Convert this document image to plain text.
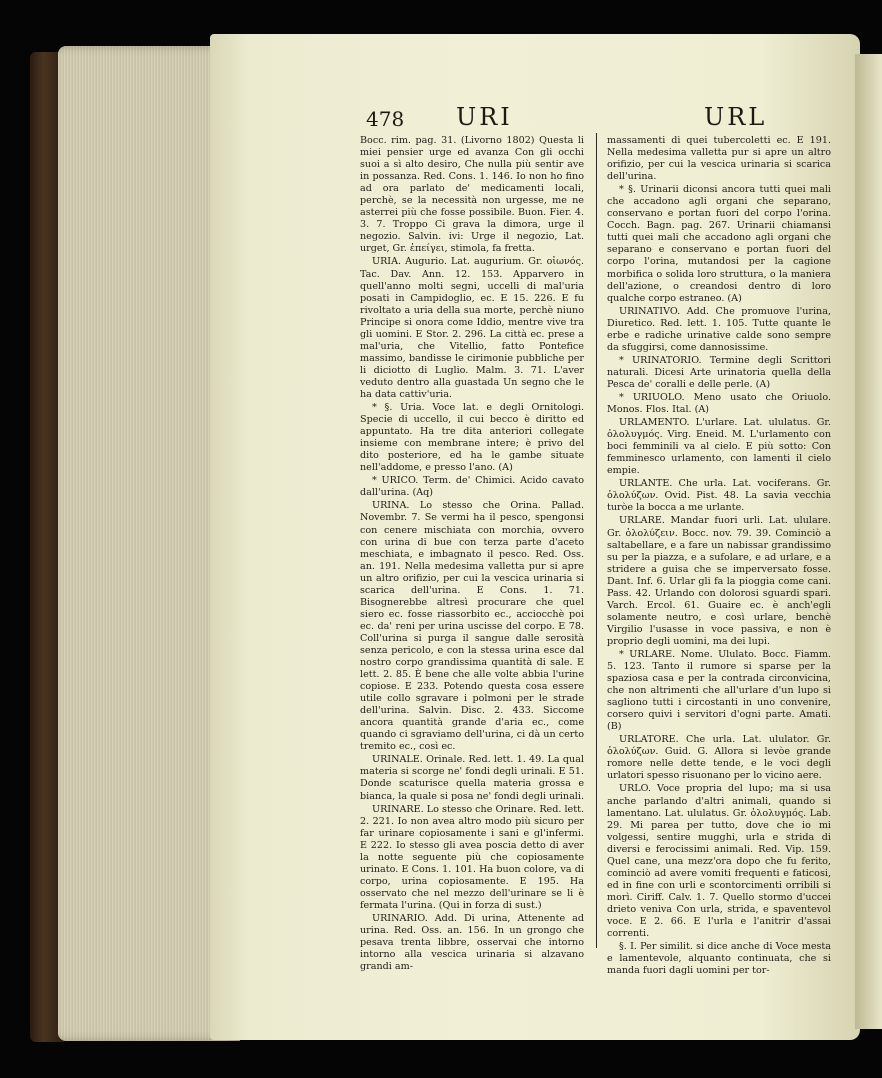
478 URI	URL

Bocc. rim. pag. 31. (Livorno 1802) Questa li miei pensier urge ed avanza Con gli occhi suoi a sì alto desiro, Che nulla più sentir ave in possanza. Red. Cons. 1. 146. Io non ho fino ad ora parlato de' medicamenti locali, perchè, se la necessità non urgesse, me ne asterrei più che fosse possibile. Buon. Fier. 4. 3. 7. Troppo Ci grava la dimora, urge il negozio. Salvin. ivi: Urge il negozio, Lat. urget, Gr. ἐπείγει, stimola, fa fretta.

URIA. Augurio. Lat. augurium. Gr. οἰωνός. Tac. Dav. Ann. 12. 153. Apparvero in quell'anno molti segni, uccelli di mal'uria posati in Campidoglio, ec. E 15. 226. E fu rivoltato a uria della sua morte, perchè niuno Principe si onora come Iddio, mentre vive tra gli uomini. E Stor. 2. 296. La città ec. prese a mal'uria, che Vitellio, fatto Pontefice massimo, bandisse le cirimonie pubbliche per li diciotto di Luglio. Malm. 3. 71. L'aver veduto dentro alla guastada Un segno che le ha data cattiv'uria.

* §. Uria. Voce lat. e degli Ornitologi. Specie di uccello, il cui becco è diritto ed appuntato. Ha tre dita anteriori collegate insieme con membrane intere; è privo del dito posteriore, ed ha le gambe situate nell'addome, e presso l'ano. (A)

* URICO. Term. de' Chimici. Acido cavato dall'urina. (Aq)

URINA. Lo stesso che Orina. Pallad. Novembr. 7. Se vermi ha il pesco, spengonsi con cenere mischiata con morchia, ovvero con urina di bue con terza parte d'aceto meschiata, e imbagnato il pesco. Red. Oss. an. 191. Nella medesima valletta pur si apre un altro orifizio, per cui la vescica urinaria si scarica dell'urina. E Cons. 1. 71. Bisognerebbe altresì procurare che quel siero ec. fosse riassorbito ec., acciocchè poi ec. da' reni per urina uscisse del corpo. E 78. Coll'urina si purga il sangue dalle serosità senza pericolo, e con la stessa urina esce dal nostro corpo grandissima quantità di sale. E lett. 2. 85. È bene che alle volte abbia l'urine copiose. E 233. Potendo questa cosa essere utile collo sgravare i polmoni per le strade dell'urina. Salvin. Disc. 2. 433. Siccome ancora quantità grande d'aria ec., come quando ci sgraviamo dell'urina, ci dà un certo tremito ec., così ec.

URINALE. Orinale. Red. lett. 1. 49. La qual materia si scorge ne' fondi degli urinali. E 51. Donde scaturisce quella materia grossa e bianca, la quale si posa ne' fondi degli urinali.

URINARE. Lo stesso che Orinare. Red. lett. 2. 221. Io non avea altro modo più sicuro per far urinare copiosamente i sani e gl'infermi. E 222. Io stesso gli avea poscia detto di aver la notte seguente più che copiosamente urinato. E Cons. 1. 101. Ha buon colore, va di corpo, urina copiosamente. E 195. Ha osservato che nel mezzo dell'urinare se li è fermata l'urina. (Qui in forza di sust.)

URINARIO. Add. Di urina, Attenente ad urina. Red. Oss. an. 156. In un grongo che pesava trenta libbre, osservai che intorno intorno alla vescica urinaria si alzavano grandi am-

massamenti di quei tubercoletti ec. E 191. Nella medesima valletta pur si apre un altro orifizio, per cui la vescica urinaria si scarica dell'urina.

* §. Urinarii diconsi ancora tutti quei mali che accadono agli organi che separano, conservano e portan fuori del corpo l'orina. Cocch. Bagn. pag. 267. Urinarii chiamansi tutti quei mali che accadono agli organi che separano e conservano e portan fuori del corpo l'orina, mutandosi per la cagione morbifica o solida loro struttura, o la maniera dell'azione, o creandosi dentro di loro qualche corpo estraneo. (A)

URINATIVO. Add. Che promuove l'urina, Diuretico. Red. lett. 1. 105. Tutte quante le erbe e radiche urinative calde sono sempre da sfuggirsi, come dannosissime.

* URINATORIO. Termine degli Scrittori naturali. Dicesi Arte urinatoria quella della Pesca de' coralli e delle perle. (A)

* URIUOLO. Meno usato che Oriuolo. Monos. Flos. Ital. (A)

URLAMENTO. L'urlare. Lat. ululatus. Gr. ὀλολυγμός. Virg. Eneid. M. L'urlamento con boci femminili va al cielo. E più sotto: Con femminesco urlamento, con lamenti il cielo empie.

URLANTE. Che urla. Lat. vociferans. Gr. ὀλολύζων. Ovid. Pist. 48. La savia vecchia turòe la bocca a me urlante.

URLARE. Mandar fuori urli. Lat. ululare. Gr. ὀλολύζειν. Bocc. nov. 79. 39. Cominciò a saltabellare, e a fare un nabissar grandissimo su per la piazza, e a sufolare, e ad urlare, e a stridere a guisa che se imperversato fosse. Dant. Inf. 6. Urlar gli fa la pioggia come cani. Pass. 42. Urlando con dolorosi sguardi spari. Varch. Ercol. 61. Guaire ec. è anch'egli solamente neutro, e così urlare, benchè Virgilio l'usasse in voce passiva, e non è proprio degli uomini, ma dei lupi.

* URLARE. Nome. Ululato. Bocc. Fiamm. 5. 123. Tanto il rumore si sparse per la spaziosa casa e per la contrada circonvicina, che non altrimenti che all'urlare d'un lupo si sagliono tutti i circostanti in uno convenire, corsero quivi i servitori d'ogni parte. Amati. (B)

URLATORE. Che urla. Lat. ululator. Gr. ὀλολύζων. Guid. G. Allora si levòe grande romore nelle dette tende, e le voci degli urlatori spesso risuonano per lo vicino aere.

URLO. Voce propria del lupo; ma si usa anche parlando d'altri animali, quando si lamentano. Lat. ululatus. Gr. ὀλολυγμός. Lab. 29. Mi parea per tutto, dove che io mi volgessi, sentire mugghi, urla e strida di diversi e ferocissimi animali. Red. Vip. 159. Quel cane, una mezz'ora dopo che fu ferito, cominciò ad avere vomiti frequenti e faticosi, ed in fine con urli e scontorcimenti orribili si morì. Ciriff. Calv. 1. 7. Quello stormo d'uccei drieto veniva Con urla, strida, e spaventevol voce. E 2. 66. E l'urla e l'anitrir d'assai correnti.

§. I. Per similit. si dice anche di Voce mesta e lamentevole, alquanto continuata, che si manda fuori dagli uomini per tor-
